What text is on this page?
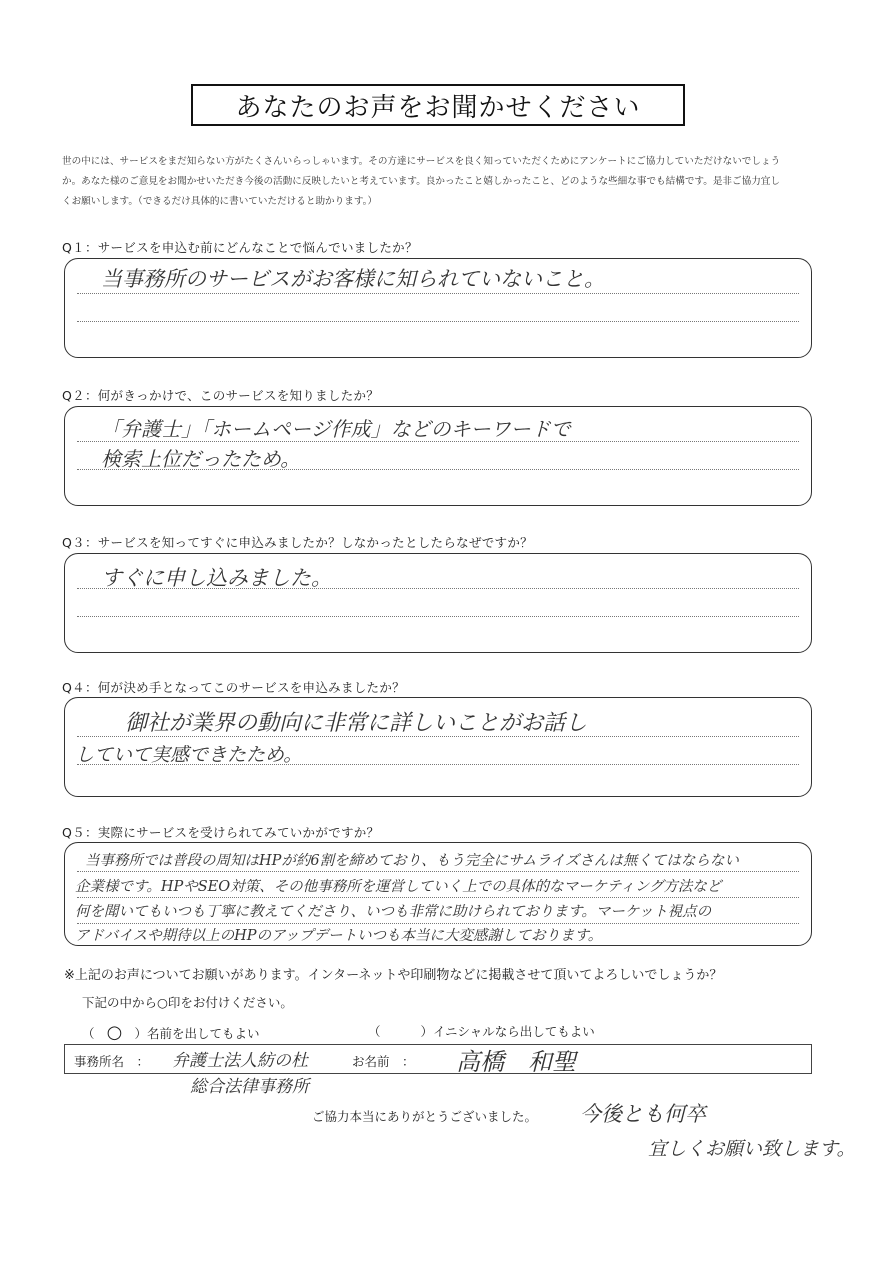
あなたのお声をお聞かせください
世の中には、サービスをまだ知らない方がたくさんいらっしゃいます。その方達にサービスを良く知っていただくためにアンケートにご協力していただけないでしょう
か。あなた様のご意見をお聞かせいただき今後の活動に反映したいと考えています。良かったこと嬉しかったこと、どのような些細な事でも結構です。是非ご協力宜し
くお願いします。（できるだけ具体的に書いていただけると助かります。）
Q１：サービスを申込む前にどんなことで悩んでいましたか？
当事務所のサービスがお客様に知られていないこと。
Q２：何がきっかけで、このサービスを知りましたか？
「弁護士」「ホームページ作成」などのキーワードで
検索上位だったため。
Q３：サービスを知ってすぐに申込みましたか？しなかったとしたらなぜですか？
すぐに申し込みました。
Q４：何が決め手となってこのサービスを申込みましたか？
御社が業界の動向に非常に詳しいことがお話し
していて実感できたため。
Q５：実際にサービスを受けられてみていかがですか？
当事務所では普段の周知はHPが約6割を締めており、もう完全にサムライズさんは無くてはならない
企業様です。HPやSEO対策、その他事務所を運営していく上での具体的なマーケティング方法など
何を聞いてもいつも丁寧に教えてくださり、いつも非常に助けられております。マーケット視点の
アドバイスや期待以上のHPのアップデートいつも本当に大変感謝しております。
※上記のお声についてお願いがあります。インターネットや印刷物などに掲載させて頂いてよろしいでしょうか？
下記の中から○印をお付けください。
（ ○ ）名前を出してもよい	（	）イニシャルなら出してもよい
事務所名　： 弁護士法人紡の杜
総合法律事務所
お名前　： 高橋　和聖
ご協力本当にありがとうございました。 今後とも何卒
宜しくお願い致します。
